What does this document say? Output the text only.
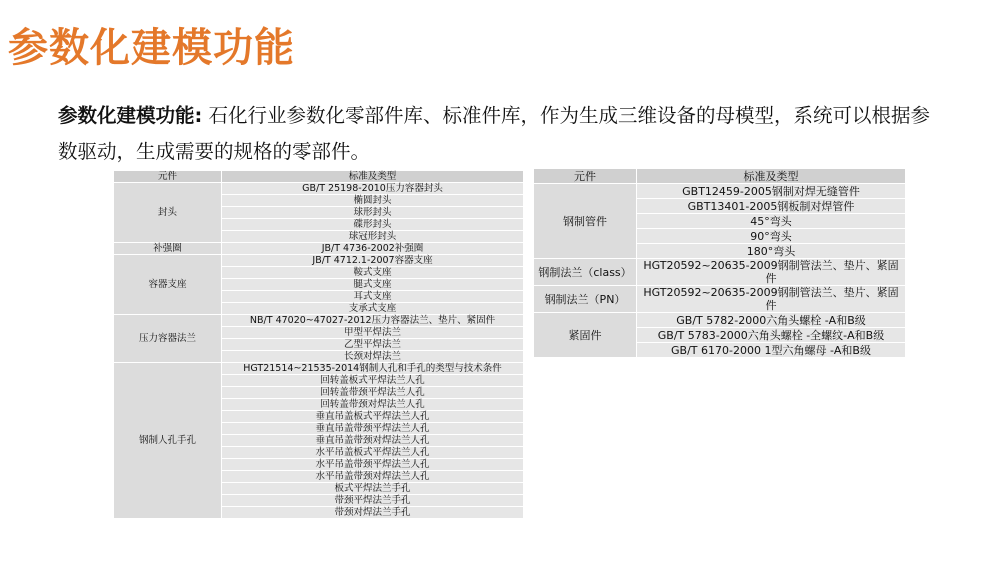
参数化建模功能
参数化建模功能: 石化行业参数化零部件库、标准件库，作为生成三维设备的母模型，系统可以根据参数驱动，生成需要的规格的零部件。
元件	标准及类型
封头	GB/T 25198-2010压力容器封头
	椭圆封头
	球形封头
	碟形封头
	球冠形封头
补强圈	JB/T 4736-2002补强圈
容器支座	JB/T 4712.1-2007容器支座
	鞍式支座
	腿式支座
	耳式支座
	支承式支座
压力容器法兰	NB/T 47020~47027-2012压力容器法兰、垫片、紧固件
	甲型平焊法兰
	乙型平焊法兰
	长颈对焊法兰
钢制人孔手孔	HGT21514~21535-2014钢制人孔和手孔的类型与技术条件
	回转盖板式平焊法兰人孔
	回转盖带颈平焊法兰人孔
	回转盖带颈对焊法兰人孔
	垂直吊盖板式平焊法兰人孔
	垂直吊盖带颈平焊法兰人孔
	垂直吊盖带颈对焊法兰人孔
	水平吊盖板式平焊法兰人孔
	水平吊盖带颈平焊法兰人孔
	水平吊盖带颈对焊法兰人孔
	板式平焊法兰手孔
	带颈平焊法兰手孔
	带颈对焊法兰手孔
元件	标准及类型
钢制管件	GBT12459-2005钢制对焊无缝管件
	GBT13401-2005钢板制对焊管件
	45°弯头
	90°弯头
	180°弯头
钢制法兰（class）	HGT20592~20635-2009钢制管法兰、垫片、紧固件
钢制法兰（PN）	HGT20592~20635-2009钢制管法兰、垫片、紧固件
紧固件	GB/T 5782-2000六角头螺栓 -A和B级
	GB/T 5783-2000六角头螺栓 -全螺纹-A和B级
	GB/T 6170-2000 1型六角螺母 -A和B级
